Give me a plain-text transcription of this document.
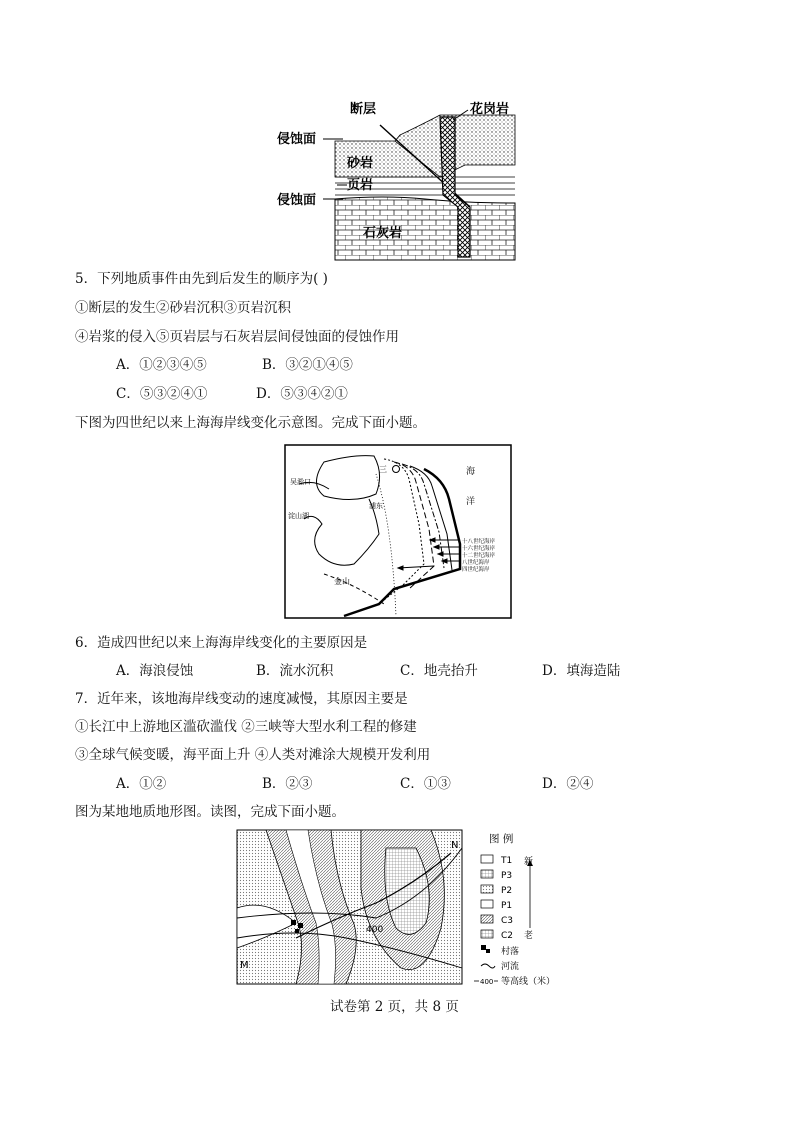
断层	花岗岩
侵蚀面
砂岩
页岩
侵蚀面
石灰岩
5．下列地质事件由先到后发生的顺序为( )
①断层的发生②砂岩沉积③页岩沉积
④岩浆的侵入⑤页岩层与石灰岩层间侵蚀面的侵蚀作用
A．①②③④⑤	B．③②①④⑤
C．⑤③②④①	D．⑤③④②①
下图为四世纪以来上海海岸线变化示意图。完成下面小题。
海
洋
三
吴淞口
浦东
淀山湖
金山
十八世纪海岸
十六世纪海岸
十二世纪海岸
八世纪海岸
四世纪海岸
6．造成四世纪以来上海海岸线变化的主要原因是
A．海浪侵蚀	B．流水沉积	C．地壳抬升	D．填海造陆
7．近年来，该地海岸线变动的速度减慢，其原因主要是
①长江中上游地区滥砍滥伐 ②三峡等大型水利工程的修建
③全球气候变暖，海平面上升 ④人类对滩涂大规模开发利用
A．①②	B．②③	C．①③	D．②④
图为某地地质地形图。读图，完成下面小题。
400
N
M
图 例
T1
P3
P2
P1
C3
C2
新
老
村落
河流
400 等高线（米）
试卷第 2 页，共 8 页
